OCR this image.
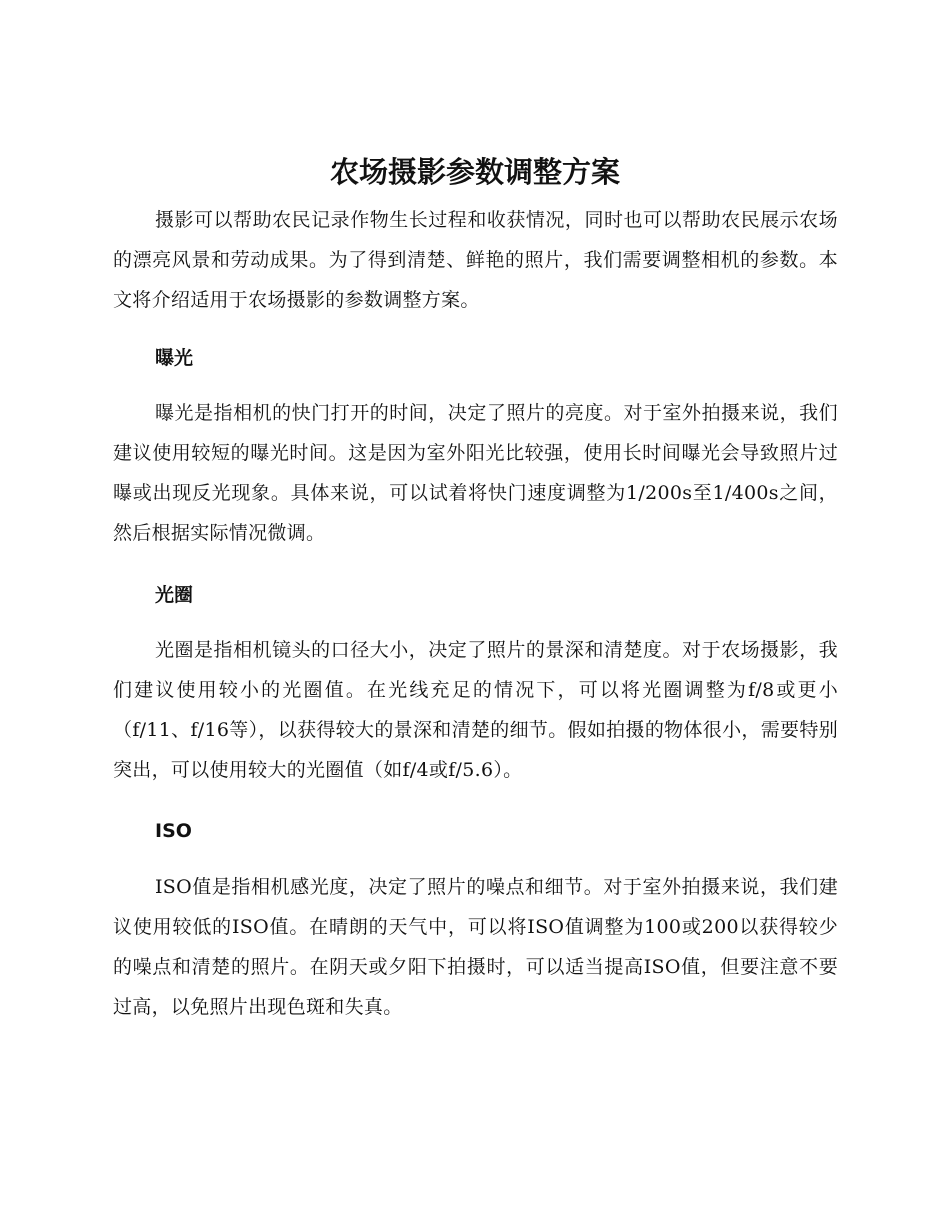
农场摄影参数调整方案

摄影可以帮助农民记录作物生长过程和收获情况，同时也可以帮助农民展示农场的漂亮风景和劳动成果。为了得到清楚、鲜艳的照片，我们需要调整相机的参数。本文将介绍适用于农场摄影的参数调整方案。

曝光

曝光是指相机的快门打开的时间，决定了照片的亮度。对于室外拍摄来说，我们建议使用较短的曝光时间。这是因为室外阳光比较强，使用长时间曝光会导致照片过曝或出现反光现象。具体来说，可以试着将快门速度调整为1/200s至1/400s之间，然后根据实际情况微调。

光圈

光圈是指相机镜头的口径大小，决定了照片的景深和清楚度。对于农场摄影，我们建议使用较小的光圈值。在光线充足的情况下，可以将光圈调整为f/8或更小（f/11、f/16等），以获得较大的景深和清楚的细节。假如拍摄的物体很小，需要特别突出，可以使用较大的光圈值（如f/4或f/5.6）。

ISO

ISO值是指相机感光度，决定了照片的噪点和细节。对于室外拍摄来说，我们建议使用较低的ISO值。在晴朗的天气中，可以将ISO值调整为100或200以获得较少的噪点和清楚的照片。在阴天或夕阳下拍摄时，可以适当提高ISO值，但要注意不要过高，以免照片出现色斑和失真。
